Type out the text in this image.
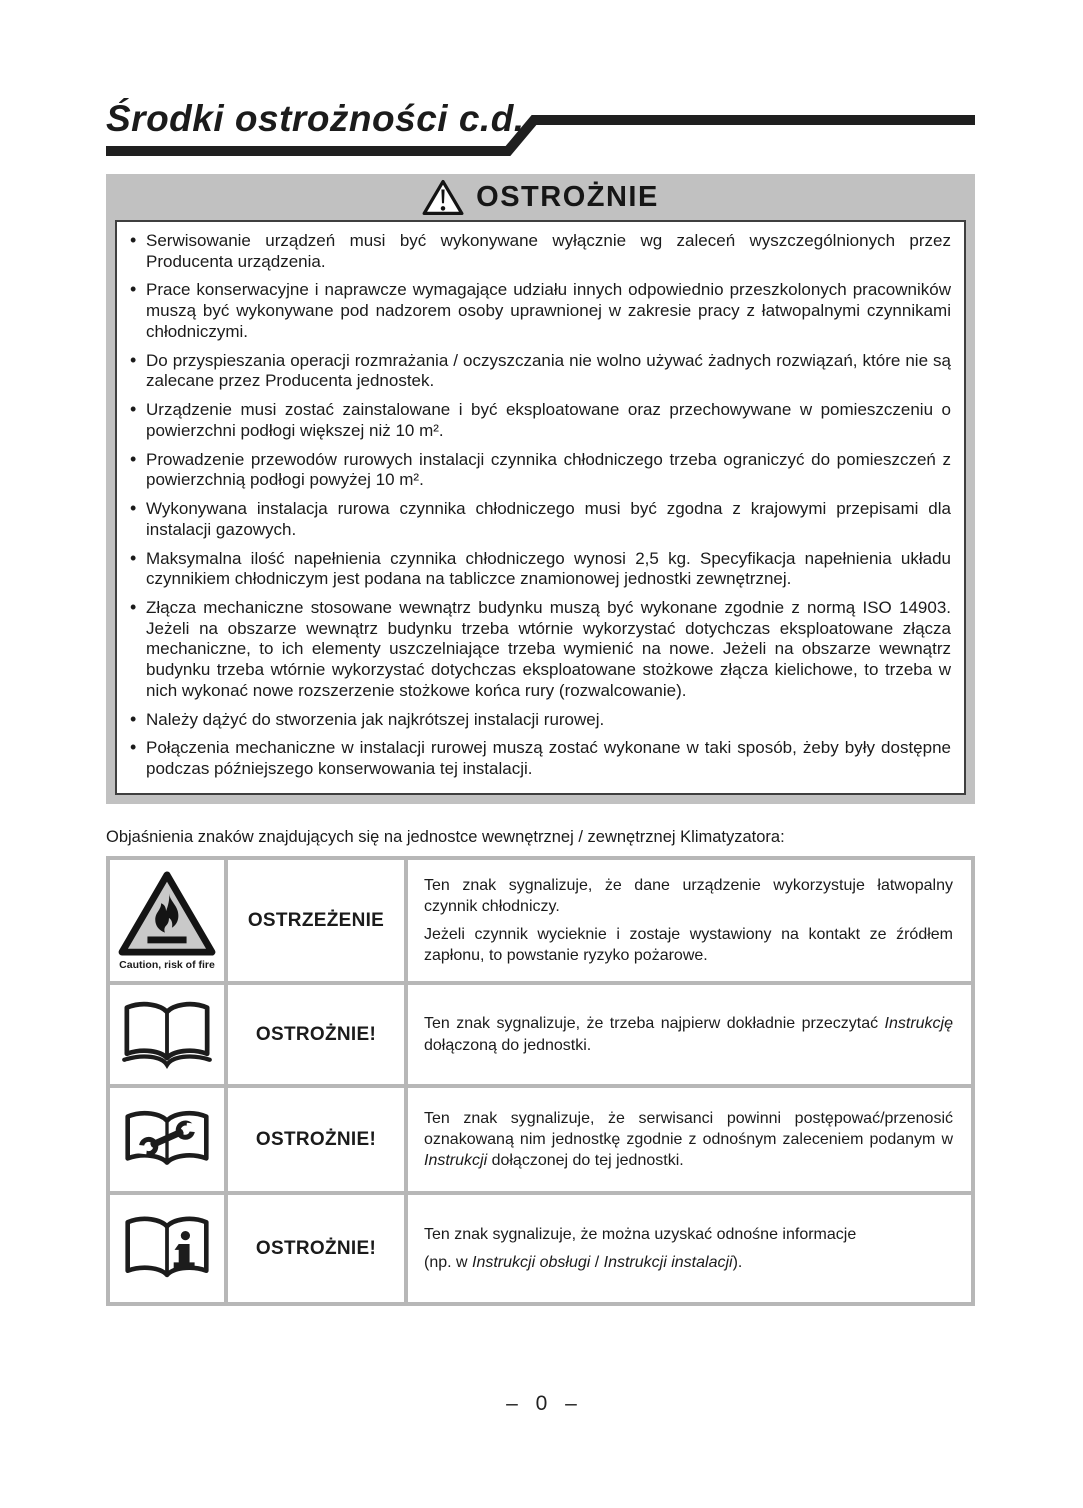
Środki ostrożności c.d.
OSTROŻNIE
• Serwisowanie urządzeń musi być wykonywane wyłącznie wg zaleceń wyszczególnionych przez Producenta urządzenia.
• Prace konserwacyjne i naprawcze wymagające udziału innych odpowiednio przeszkolonych pracowników muszą być wykonywane pod nadzorem osoby uprawnionej w zakresie pracy z łatwopalnymi czynnikami chłodniczymi.
• Do przyspieszania operacji rozmrażania / oczyszczania nie wolno używać żadnych rozwiązań, które nie są zalecane przez Producenta jednostek.
• Urządzenie musi zostać zainstalowane i być eksploatowane oraz przechowywane w pomieszczeniu o powierzchni podłogi większej niż 10 m².
• Prowadzenie przewodów rurowych instalacji czynnika chłodniczego trzeba ograniczyć do pomieszczeń z powierzchnią podłogi powyżej 10 m².
• Wykonywana instalacja rurowa czynnika chłodniczego musi być zgodna z krajowymi przepisami dla instalacji gazowych.
• Maksymalna ilość napełnienia czynnika chłodniczego wynosi 2,5 kg. Specyfikacja napełnienia układu czynnikiem chłodniczym jest podana na tabliczce znamionowej jednostki zewnętrznej.
• Złącza mechaniczne stosowane wewnątrz budynku muszą być wykonane zgodnie z normą ISO 14903. Jeżeli na obszarze wewnątrz budynku trzeba wtórnie wykorzystać dotychczas eksploatowane złącza mechaniczne, to ich elementy uszczelniające trzeba wymienić na nowe. Jeżeli na obszarze wewnątrz budynku trzeba wtórnie wykorzystać dotychczas eksploatowane stożkowe złącza kielichowe, to trzeba w nich wykonać nowe rozszerzenie stożkowe końca rury (rozwalcowanie).
• Należy dążyć do stworzenia jak najkrótszej instalacji rurowej.
• Połączenia mechaniczne w instalacji rurowej muszą zostać wykonane w taki sposób, żeby były dostępne podczas późniejszego konserwowania tej instalacji.

Objaśnienia znaków znajdujących się na jednostce wewnętrznej / zewnętrznej Klimatyzatora:

Caution, risk of fire
OSTRZEŻENIE

Ten znak sygnalizuje, że dane urządzenie wykorzystuje łatwopalny czynnik chłodniczy.

Jeżeli czynnik wycieknie i zostaje wystawiony na kontakt ze źródłem zapłonu, to powstanie ryzyko pożarowe.

OSTROŻNIE!	Ten znak sygnalizuje, że trzeba najpierw dokładnie przeczytać Instrukcję dołączoną do jednostki.

OSTROŻNIE!

Ten znak sygnalizuje, że serwisanci powinni postępować/przenosić oznakowaną nim jednostkę zgodnie z odnośnym zaleceniem podanym w Instrukcji dołączonej do tej jednostki.

OSTROŻNIE!

Ten znak sygnalizuje, że można uzyskać odnośne informacje

(np. w Instrukcji obsługi / Instrukcji instalacji).

– 0 –
